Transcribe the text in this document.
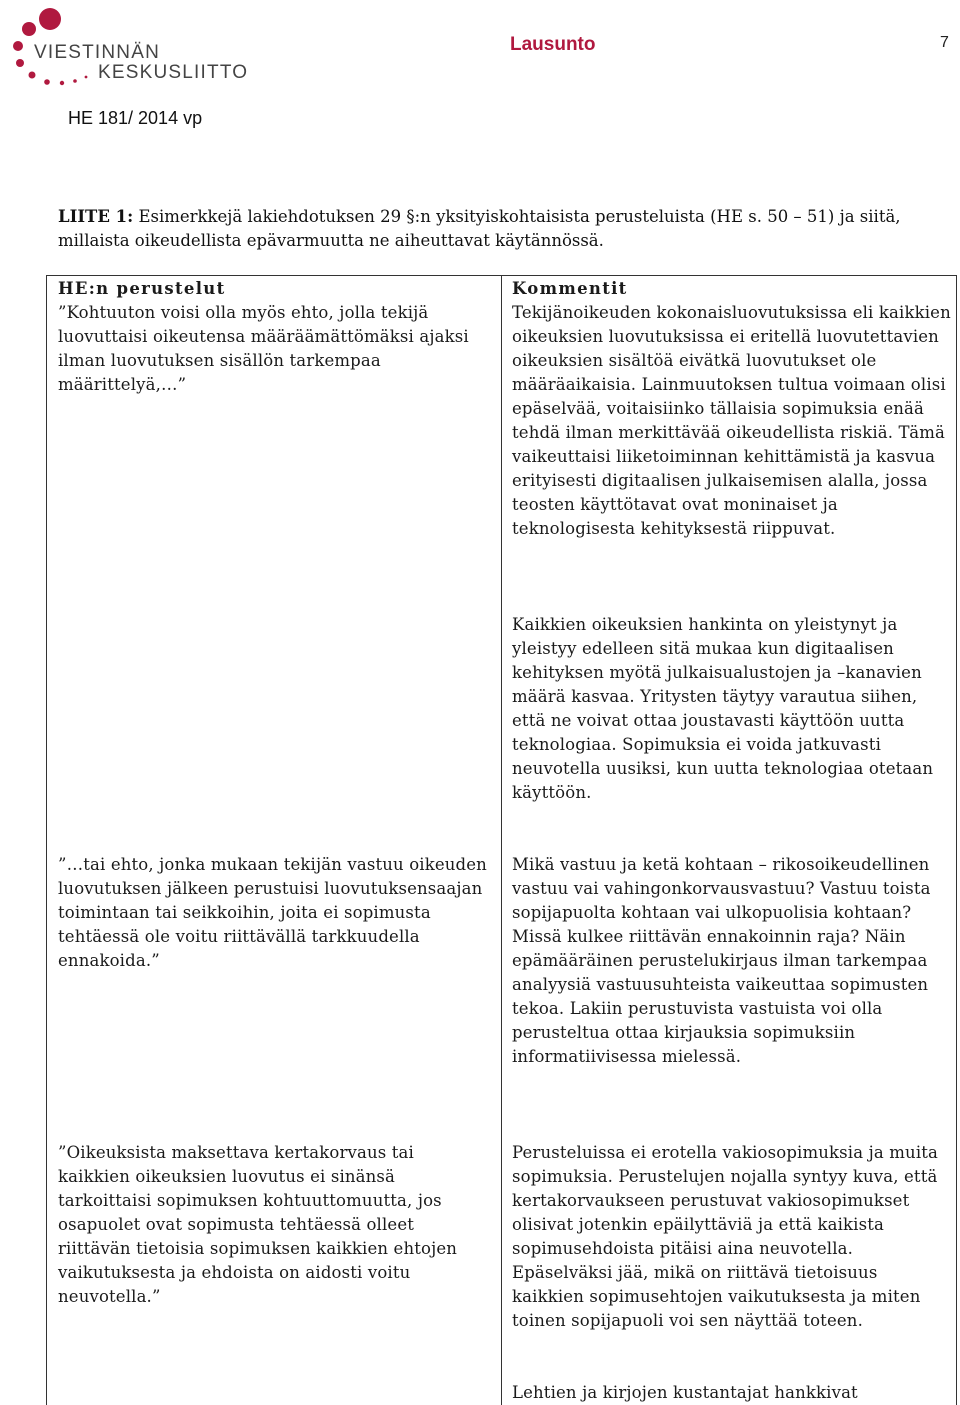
VIESTINNÄN
KESKUSLIITTO
Lausunto	7
HE 181/ 2014 vp
LIITE 1: Esimerkkejä lakiehdotuksen 29 §:n yksityiskohtaisista perusteluista (HE s. 50 – 51) ja siitä, millaista oikeudellista epävarmuutta ne aiheuttavat käytännössä.

HE:n perustelut

”Kohtuuton voisi olla myös ehto, jolla tekijä luovuttaisi oikeutensa määräämättömäksi ajaksi ilman luovutuksen sisällön tarkempaa määrittelyä,…”

Kommentit

Tekijänoikeuden kokonaisluovutuksissa eli kaikkien oikeuksien luovutuksissa ei eritellä luovutettavien oikeuksien sisältöä eivätkä luovutukset ole määräaikaisia. Lainmuutoksen tultua voimaan olisi epäselvää, voitaisiinko tällaisia sopimuksia enää tehdä ilman merkittävää oikeudellista riskiä. Tämä vaikeuttaisi liiketoiminnan kehittämistä ja kasvua erityisesti digitaalisen julkaisemisen alalla, jossa teosten käyttötavat ovat moninaiset ja teknologisesta kehityksestä riippuvat.

Kaikkien oikeuksien hankinta on yleistynyt ja yleistyy edelleen sitä mukaa kun digitaalisen kehityksen myötä julkaisualustojen ja –kanavien määrä kasvaa. Yritysten täytyy varautua siihen, että ne voivat ottaa joustavasti käyttöön uutta teknologiaa. Sopimuksia ei voida jatkuvasti neuvotella uusiksi, kun uutta teknologiaa otetaan käyttöön.

”…tai ehto, jonka mukaan tekijän vastuu oikeuden luovutuksen jälkeen perustuisi luovutuksensaajan toimintaan tai seikkoihin, joita ei sopimusta tehtäessä ole voitu riittävällä tarkkuudella ennakoida.”

Mikä vastuu ja ketä kohtaan – rikosoikeudellinen vastuu vai vahingonkorvausvastuu? Vastuu toista sopijapuolta kohtaan vai ulkopuolisia kohtaan? Missä kulkee riittävän ennakoinnin raja? Näin epämääräinen perustelukirjaus ilman tarkempaa analyysiä vastuusuhteista vaikeuttaa sopimusten tekoa. Lakiin perustuvista vastuista voi olla perusteltua ottaa kirjauksia sopimuksiin informatiivisessa mielessä.

”Oikeuksista maksettava kertakorvaus tai kaikkien oikeuksien luovutus ei sinänsä tarkoittaisi sopimuksen kohtuuttomuutta, jos osapuolet ovat sopimusta tehtäessä olleet riittävän tietoisia sopimuksen kaikkien ehtojen vaikutuksesta ja ehdoista on aidosti voitu neuvotella.”

Perusteluissa ei erotella vakiosopimuksia ja muita sopimuksia. Perustelujen nojalla syntyy kuva, että kertakorvaukseen perustuvat vakiosopimukset olisivat jotenkin epäilyttäviä ja että kaikista sopimusehdoista pitäisi aina neuvotella. Epäselväksi jää, mikä on riittävä tietoisuus kaikkien sopimusehtojen vaikutuksesta ja miten toinen sopijapuoli voi sen näyttää toteen.

Lehtien ja kirjojen kustantajat hankkivat
